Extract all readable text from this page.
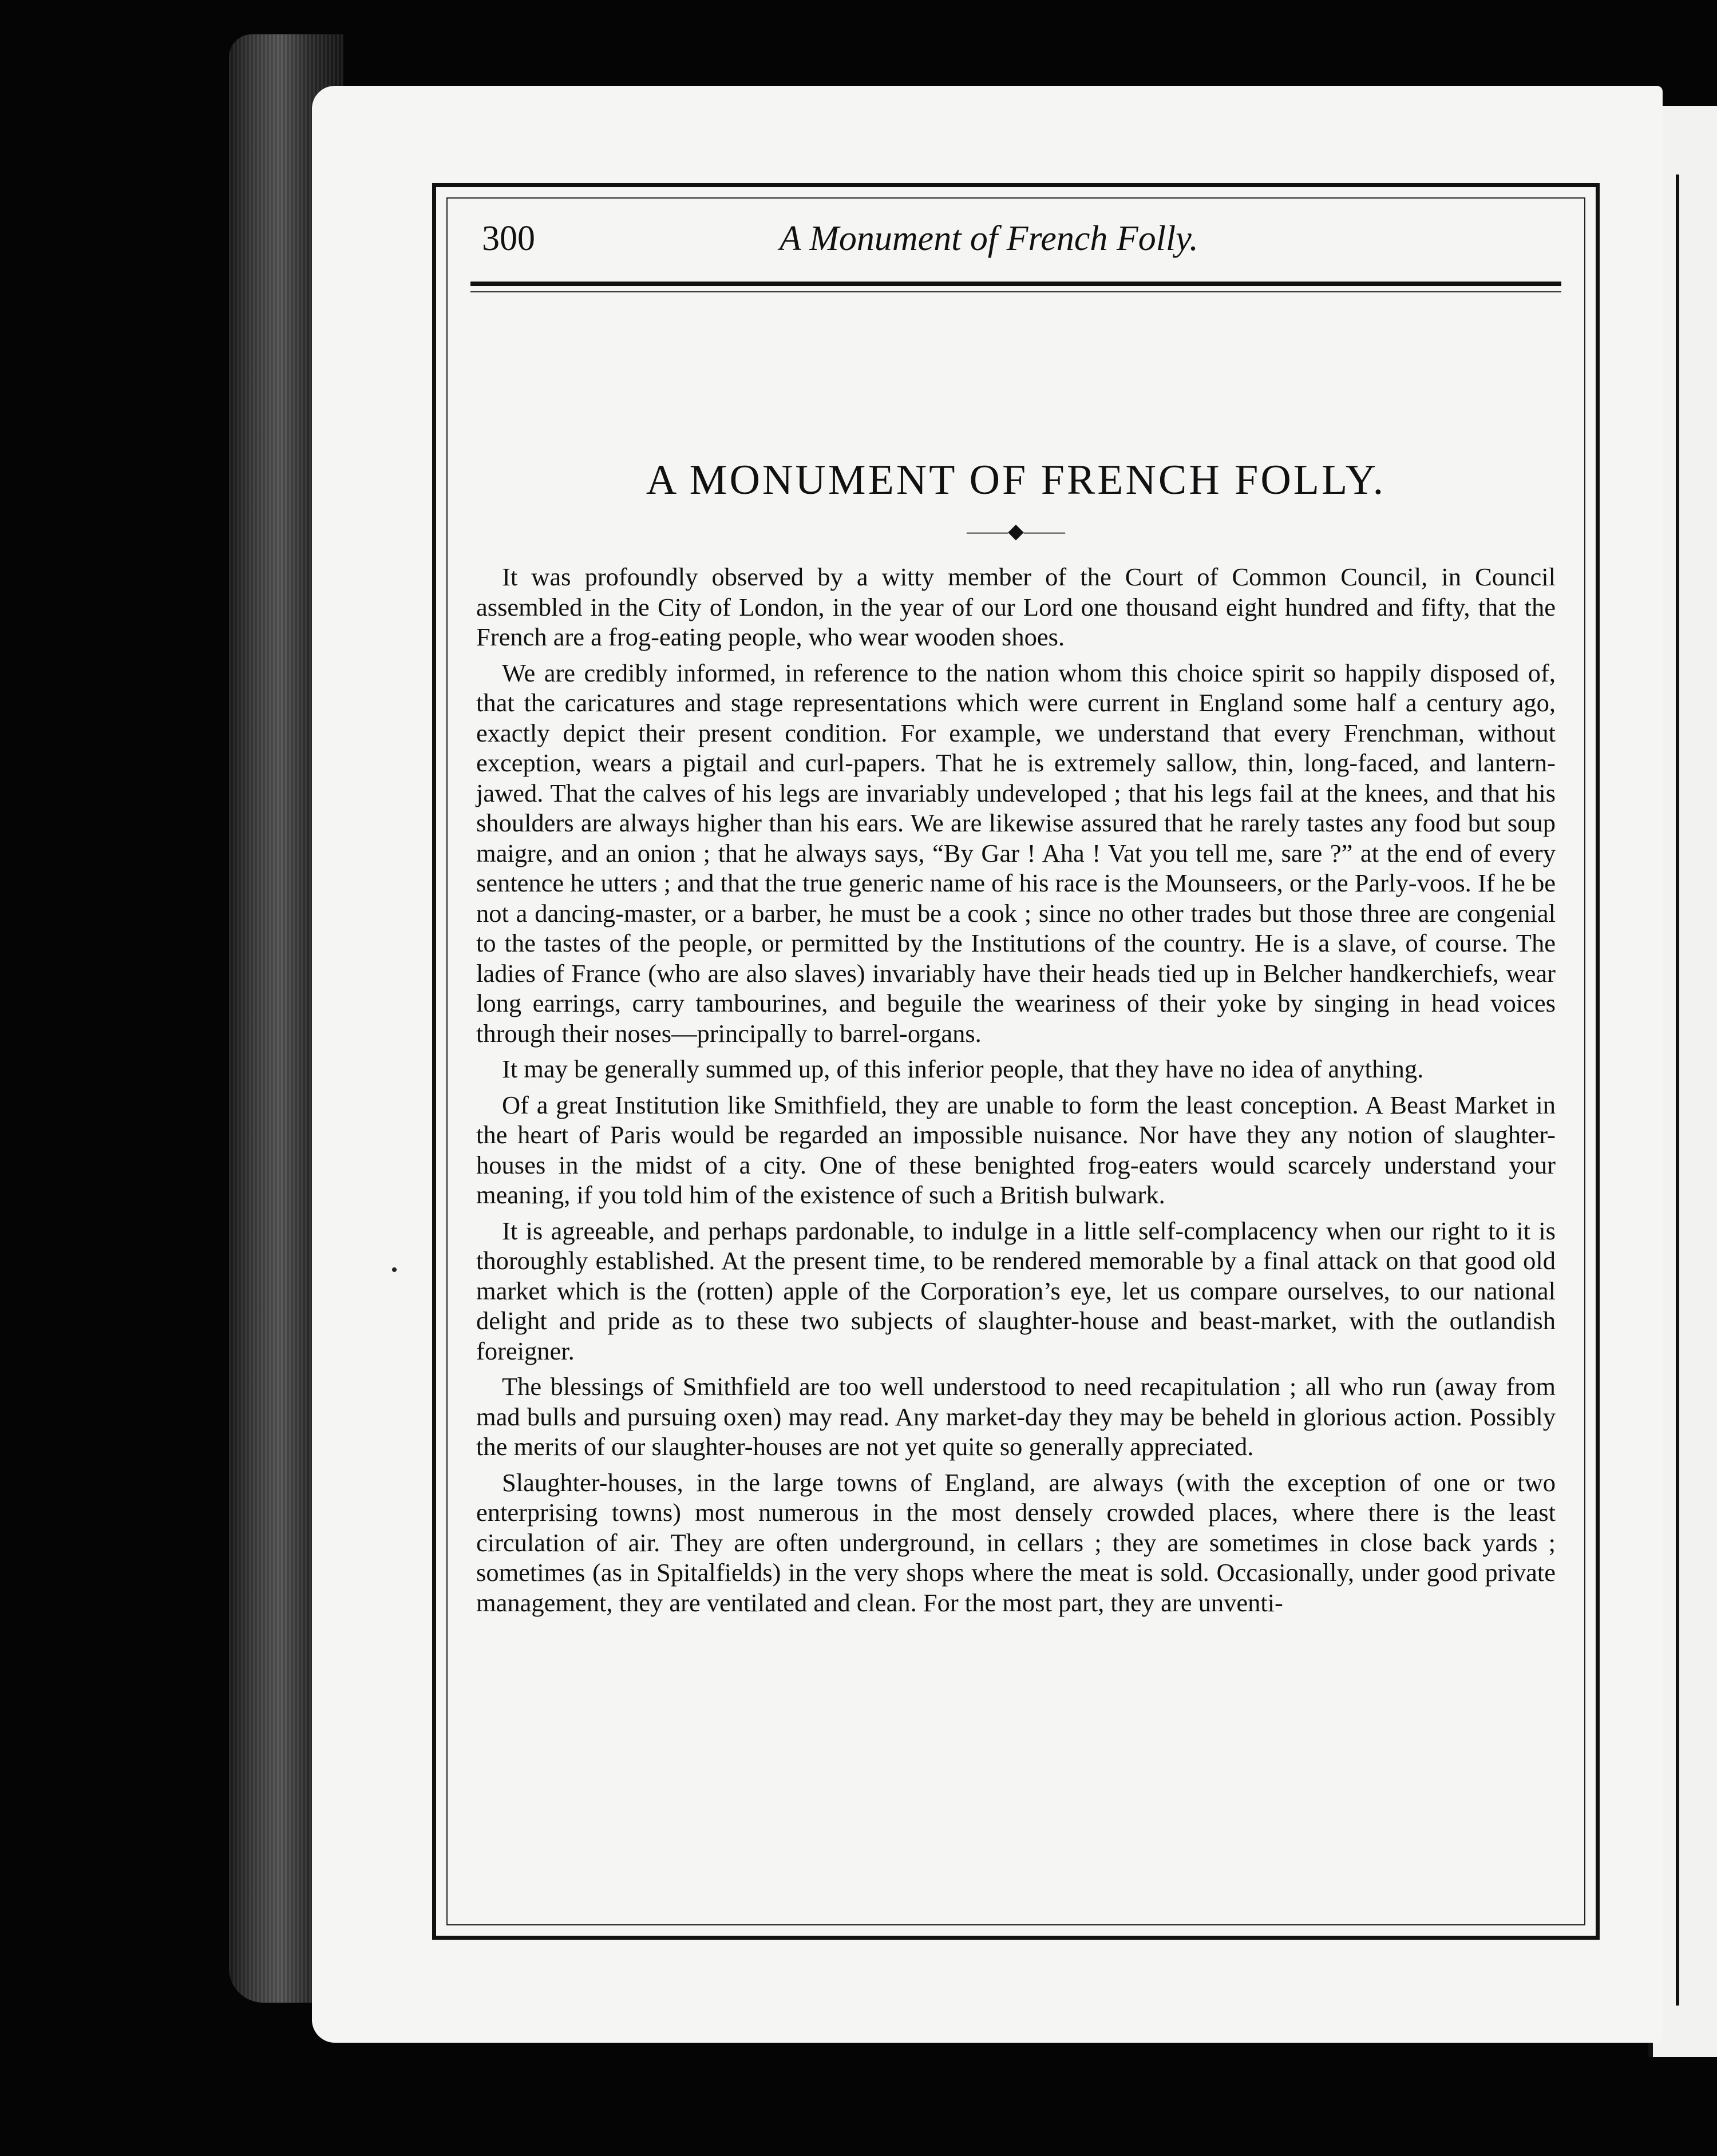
300	A Monument of French Folly.
A MONUMENT OF FRENCH FOLLY.
——◆——

It was profoundly observed by a witty member of the Court of Common Council, in Council assembled in the City of London, in the year of our Lord one thousand eight hundred and fifty, that the French are a frog-eating people, who wear wooden shoes.

We are credibly informed, in reference to the nation whom this choice spirit so happily disposed of, that the caricatures and stage representations which were current in England some half a century ago, exactly depict their present condition. For example, we understand that every Frenchman, without exception, wears a pigtail and curl-papers. That he is extremely sallow, thin, long-faced, and lantern-jawed. That the calves of his legs are invariably undeveloped ; that his legs fail at the knees, and that his shoulders are always higher than his ears. We are likewise assured that he rarely tastes any food but soup maigre, and an onion ; that he always says, “By Gar ! Aha ! Vat you tell me, sare ?” at the end of every sentence he utters ; and that the true generic name of his race is the Mounseers, or the Parly-voos. If he be not a dancing-master, or a barber, he must be a cook ; since no other trades but those three are congenial to the tastes of the people, or permitted by the Institutions of the country. He is a slave, of course. The ladies of France (who are also slaves) invariably have their heads tied up in Belcher handkerchiefs, wear long earrings, carry tambourines, and beguile the weariness of their yoke by singing in head voices through their noses—principally to barrel-organs.

It may be generally summed up, of this inferior people, that they have no idea of anything.

Of a great Institution like Smithfield, they are unable to form the least conception. A Beast Market in the heart of Paris would be regarded an impossible nuisance. Nor have they any notion of slaughter-houses in the midst of a city. One of these benighted frog-eaters would scarcely understand your meaning, if you told him of the existence of such a British bulwark.

It is agreeable, and perhaps pardonable, to indulge in a little self-complacency when our right to it is thoroughly established. At the present time, to be rendered memorable by a final attack on that good old market which is the (rotten) apple of the Corporation’s eye, let us compare ourselves, to our national delight and pride as to these two subjects of slaughter-house and beast-market, with the outlandish foreigner.

The blessings of Smithfield are too well understood to need recapitulation ; all who run (away from mad bulls and pursuing oxen) may read. Any market-day they may be beheld in glorious action. Possibly the merits of our slaughter-houses are not yet quite so generally appreciated.

Slaughter-houses, in the large towns of England, are always (with the exception of one or two enterprising towns) most numerous in the most densely crowded places, where there is the least circulation of air. They are often underground, in cellars ; they are sometimes in close back yards ; sometimes (as in Spitalfields) in the very shops where the meat is sold. Occasionally, under good private management, they are ventilated and clean. For the most part, they are unventi-
